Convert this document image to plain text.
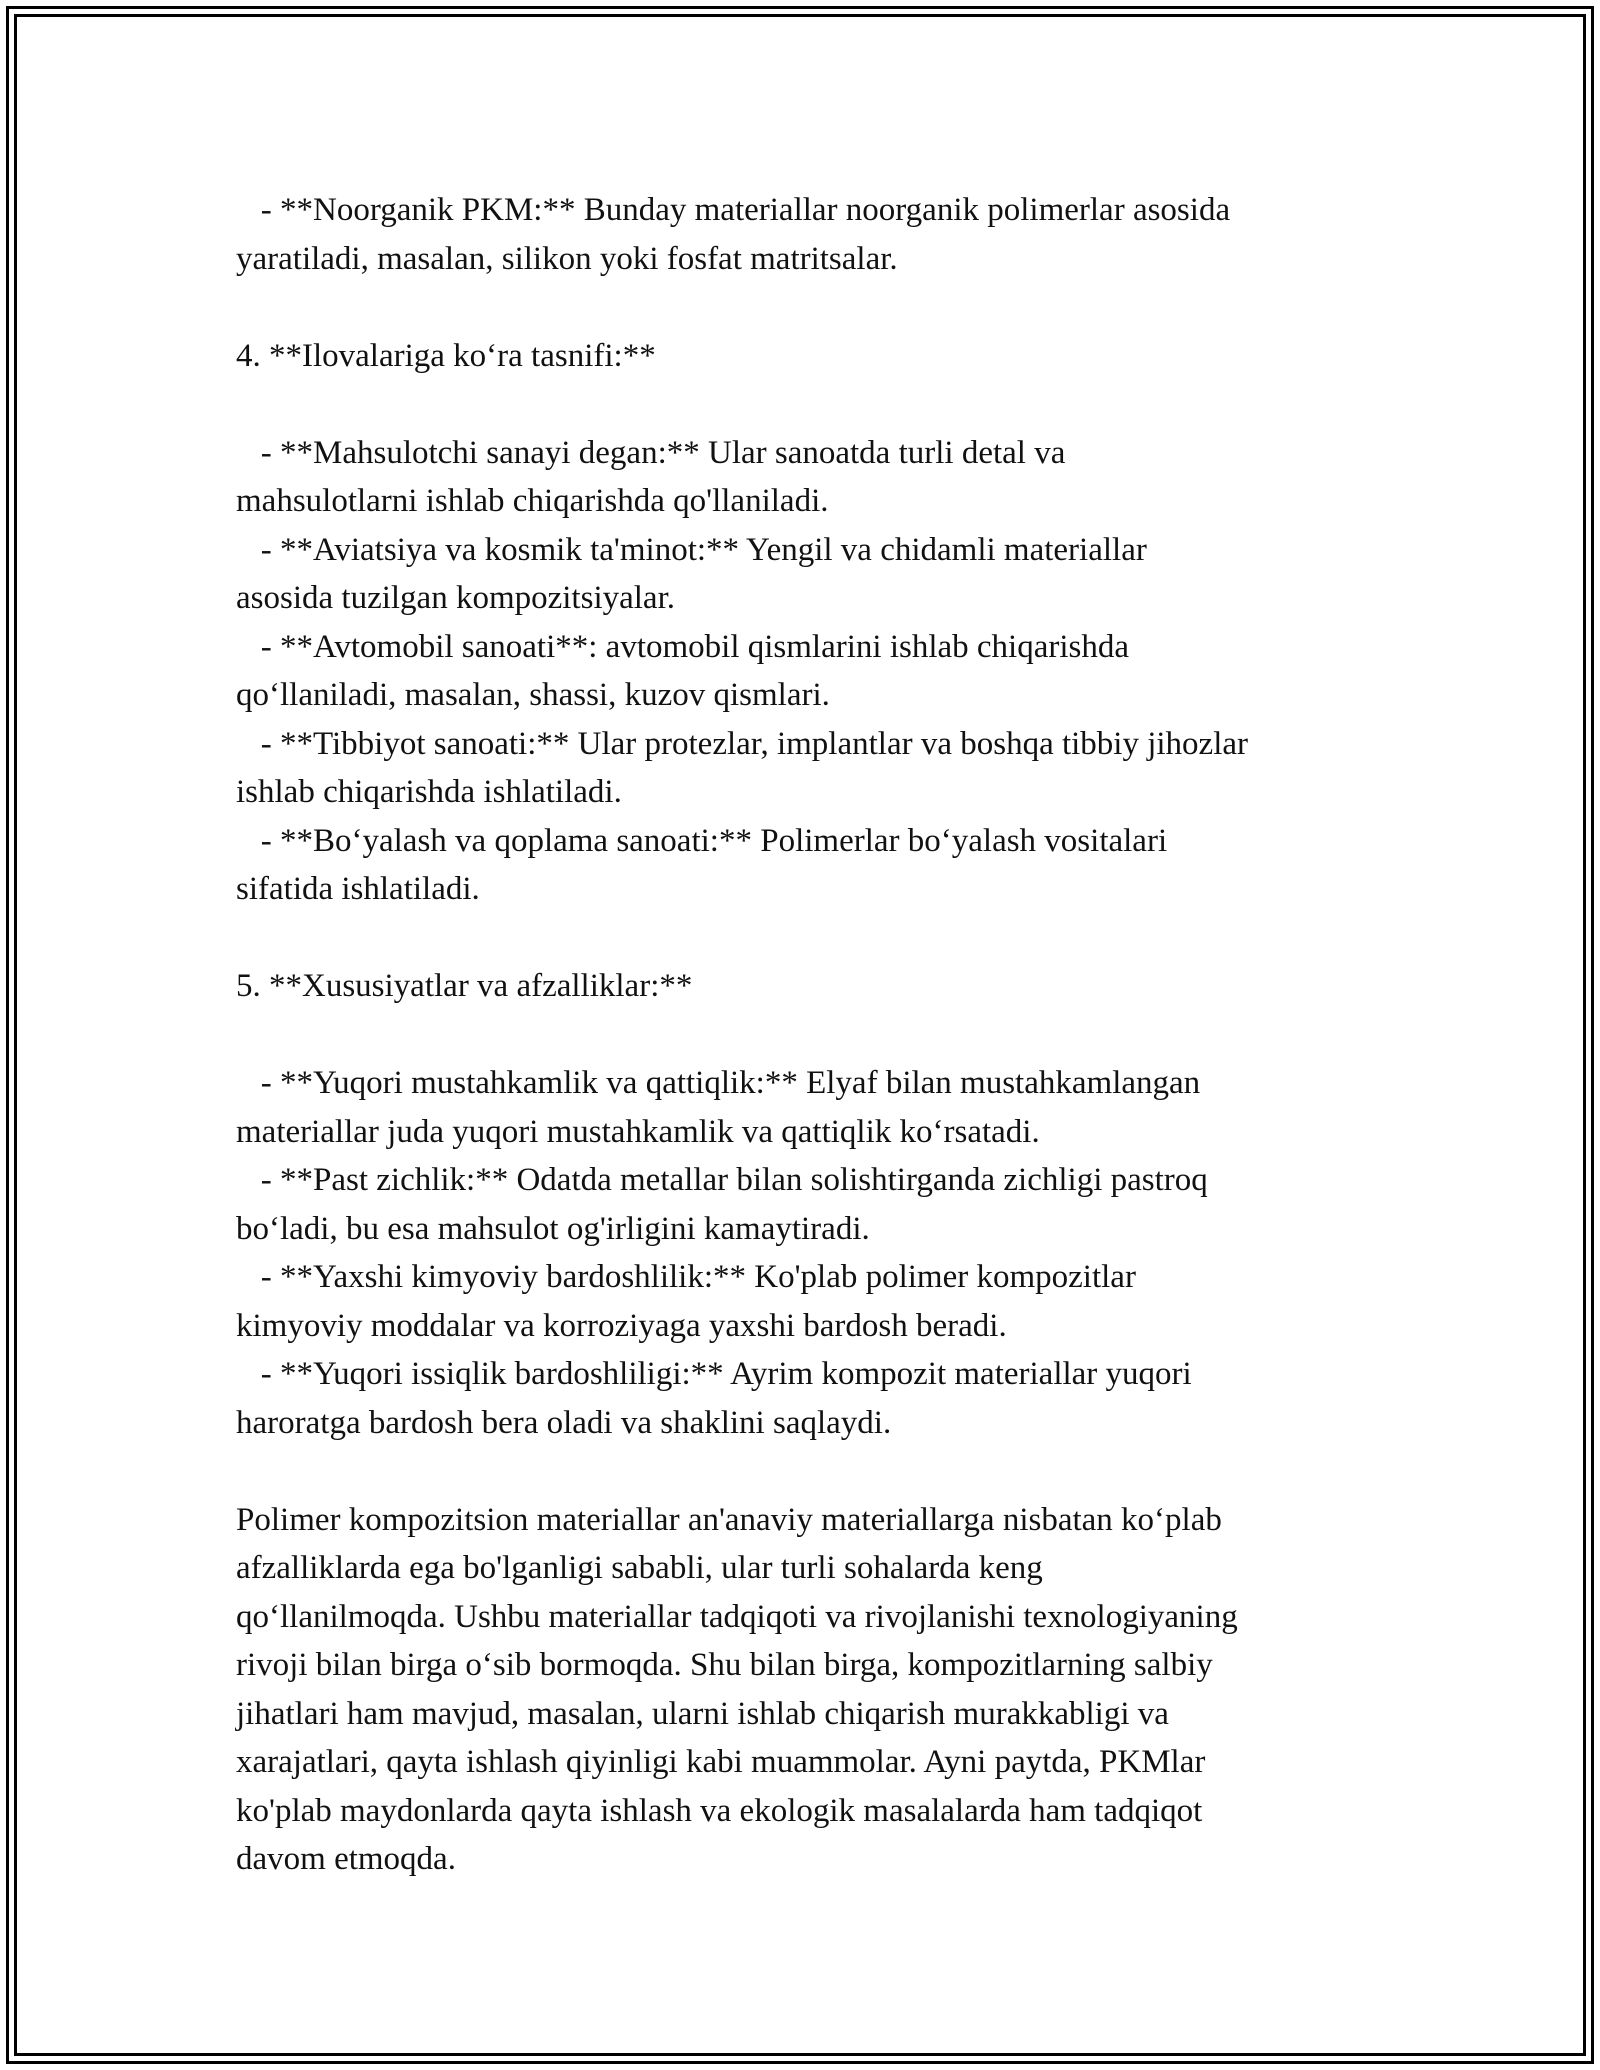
- **Noorganik PKM:** Bunday materiallar noorganik polimerlar asosida

yaratiladi, masalan, silikon yoki fosfat matritsalar.

4. **Ilovalariga ko‘ra tasnifi:**

- **Mahsulotchi sanayi degan:** Ular sanoatda turli detal va

mahsulotlarni ishlab chiqarishda qo'llaniladi.

- **Aviatsiya va kosmik ta'minot:** Yengil va chidamli materiallar

asosida tuzilgan kompozitsiyalar.

- **Avtomobil sanoati**: avtomobil qismlarini ishlab chiqarishda

qo‘llaniladi, masalan, shassi, kuzov qismlari.

- **Tibbiyot sanoati:** Ular protezlar, implantlar va boshqa tibbiy jihozlar

ishlab chiqarishda ishlatiladi.

- **Bo‘yalash va qoplama sanoati:** Polimerlar bo‘yalash vositalari

sifatida ishlatiladi.

5. **Xususiyatlar va afzalliklar:**

- **Yuqori mustahkamlik va qattiqlik:** Elyaf bilan mustahkamlangan

materiallar juda yuqori mustahkamlik va qattiqlik ko‘rsatadi.

- **Past zichlik:** Odatda metallar bilan solishtirganda zichligi pastroq

bo‘ladi, bu esa mahsulot og'irligini kamaytiradi.

- **Yaxshi kimyoviy bardoshlilik:** Ko'plab polimer kompozitlar

kimyoviy moddalar va korroziyaga yaxshi bardosh beradi.

- **Yuqori issiqlik bardoshliligi:** Ayrim kompozit materiallar yuqori

haroratga bardosh bera oladi va shaklini saqlaydi.

Polimer kompozitsion materiallar an'anaviy materiallarga nisbatan ko‘plab

afzalliklarda ega bo'lganligi sababli, ular turli sohalarda keng

qo‘llanilmoqda. Ushbu materiallar tadqiqoti va rivojlanishi texnologiyaning

rivoji bilan birga o‘sib bormoqda. Shu bilan birga, kompozitlarning salbiy

jihatlari ham mavjud, masalan, ularni ishlab chiqarish murakkabligi va

xarajatlari, qayta ishlash qiyinligi kabi muammolar. Ayni paytda, PKMlar

ko'plab maydonlarda qayta ishlash va ekologik masalalarda ham tadqiqot

davom etmoqda.
